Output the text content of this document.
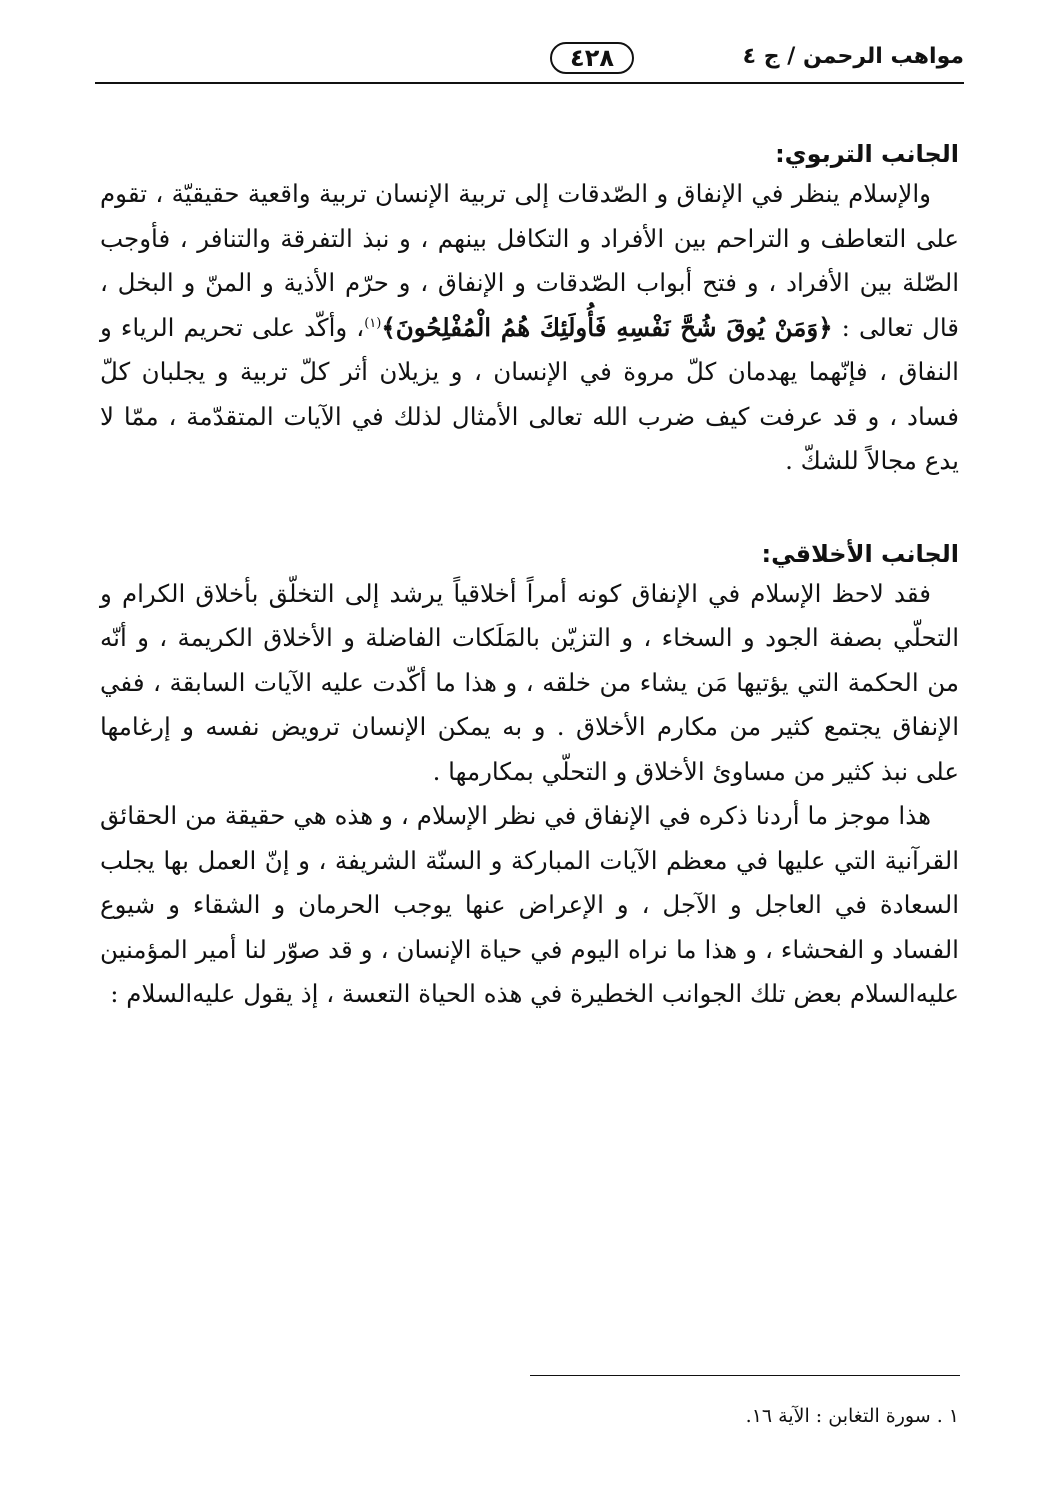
مواهب الرحمن / ج ٤
٤٢٨
الجانب التربوي:

والإسلام ينظر في الإنفاق و الصّدقات إلى تربية الإنسان تربية واقعية حقيقيّة ، تقوم على التعاطف و التراحم بين الأفراد و التكافل بينهم ، و نبذ التفرقة والتنافر ، فأوجب الصّلة بين الأفراد ، و فتح أبواب الصّدقات و الإنفاق ، و حرّم الأذية و المنّ و البخل ، قال تعالى : ﴿وَمَنْ يُوقَ شُحَّ نَفْسِهِ فَأُولَئِكَ هُمُ الْمُفْلِحُونَ﴾$^{(١)}$، وأكّد على تحريم الرياء و النفاق ، فإنّهما يهدمان كلّ مروة في الإنسان ، و يزيلان أثر كلّ تربية و يجلبان كلّ فساد ، و قد عرفت كيف ضرب الله تعالى الأمثال لذلك في الآيات المتقدّمة ، ممّا لا يدع مجالاً للشكّ .

الجانب الأخلاقي:

فقد لاحظ الإسلام في الإنفاق كونه أمراً أخلاقياً يرشد إلى التخلّق بأخلاق الكرام و التحلّي بصفة الجود و السخاء ، و التزيّن بالمَلَكات الفاضلة و الأخلاق الكريمة ، و أنّه من الحكمة التي يؤتيها مَن يشاء من خلقه ، و هذا ما أكّدت عليه الآيات السابقة ، ففي الإنفاق يجتمع كثير من مكارم الأخلاق . و به يمكن الإنسان ترويض نفسه و إرغامها على نبذ كثير من مساوئ الأخلاق و التحلّي بمكارمها .

هذا موجز ما أردنا ذكره في الإنفاق في نظر الإسلام ، و هذه هي حقيقة من الحقائق القرآنية التي عليها في معظم الآيات المباركة و السنّة الشريفة ، و إنّ العمل بها يجلب السعادة في العاجل و الآجل ، و الإعراض عنها يوجب الحرمان و الشقاء و شيوع الفساد و الفحشاء ، و هذا ما نراه اليوم في حياة الإنسان ، و قد صوّر لنا أمير المؤمنين عليه‌السلام بعض تلك الجوانب الخطيرة في هذه الحياة التعسة ، إذ يقول عليه‌السلام :

١ . سورة التغابن : الآية ١٦.
